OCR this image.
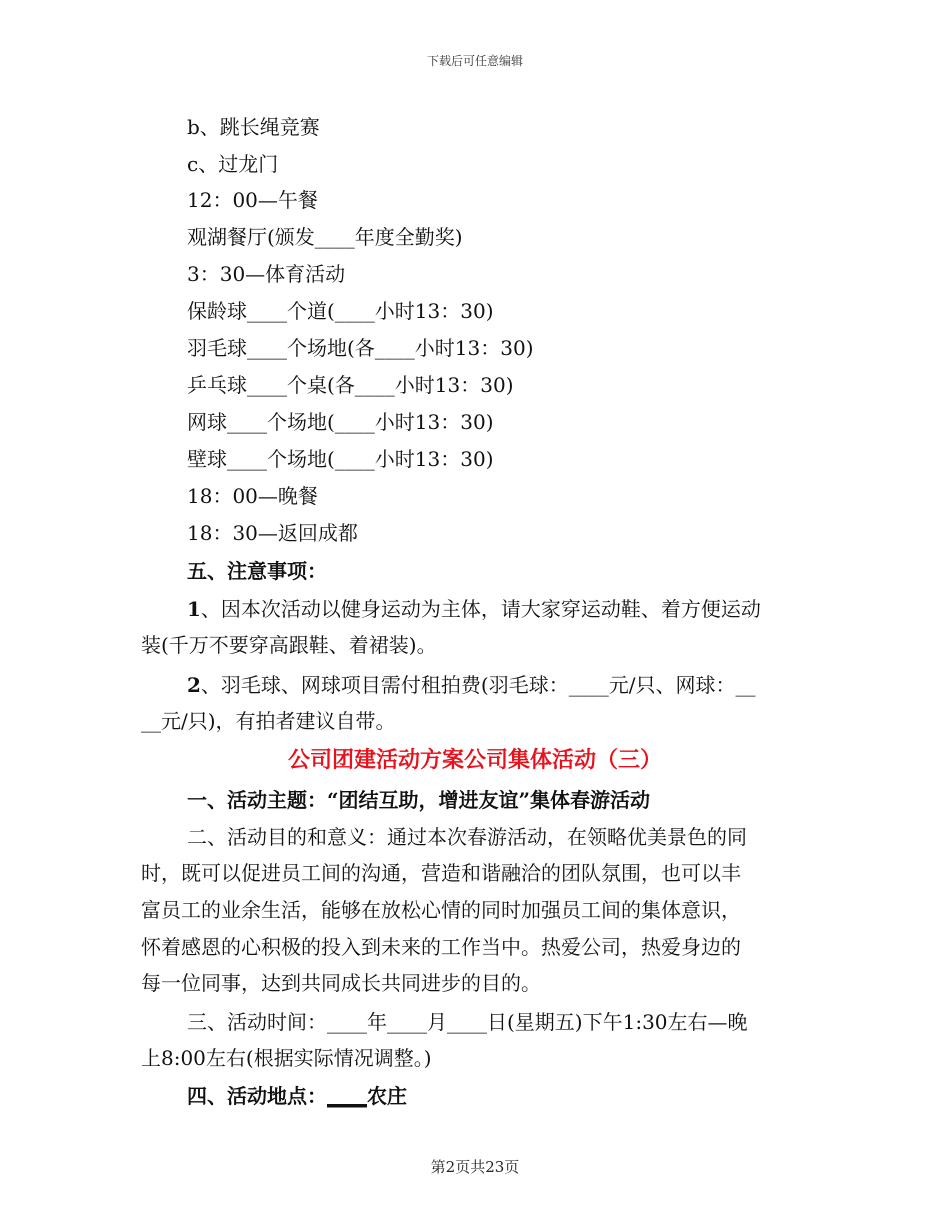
下载后可任意编辑
b、跳长绳竞赛
c、过龙门
12：00—午餐
观湖餐厅(颁发____年度全勤奖)
3：30—体育活动
保龄球____个道(____小时13：30)
羽毛球____个场地(各____小时13：30)
乒乓球____个桌(各____小时13：30)
网球____个场地(____小时13：30)
壁球____个场地(____小时13：30)
18：00—晚餐
18：30—返回成都
五、注意事项：
1、因本次活动以健身运动为主体，请大家穿运动鞋、着方便运动
装(千万不要穿高跟鞋、着裙装)。
2、羽毛球、网球项目需付租拍费(羽毛球：____元/只、网球：__
__元/只)，有拍者建议自带。
公司团建活动方案公司集体活动（三）
一、活动主题：“团结互助，增进友谊”集体春游活动
二、活动目的和意义：通过本次春游活动，在领略优美景色的同
时，既可以促进员工间的沟通，营造和谐融洽的团队氛围，也可以丰
富员工的业余生活，能够在放松心情的同时加强员工间的集体意识，
怀着感恩的心积极的投入到未来的工作当中。热爱公司，热爱身边的
每一位同事，达到共同成长共同进步的目的。
三、活动时间：____年____月____日(星期五)下午1:30左右—晚
上8:00左右(根据实际情况调整。)
四、活动地点：____农庄
第2页共23页
